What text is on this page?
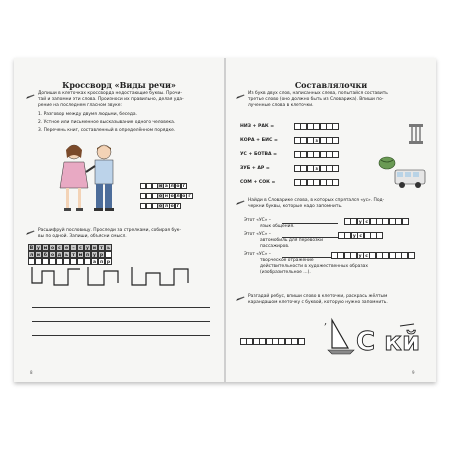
Кросcворд «Виды речи»
Допиши в клеточках кроссворда недостающие буквы. Прочи-
тай и запомни эти слова. Произноси их правильно, делая уда-
рение на последнем гласном звуке:
1. Разговор между двумя людьми, беседа.
2. Устное или письменное высказывание одного человека.
3. Перечень книг, составленный в определённом порядке.
и а л о г
о н о л о г
о л о г
Расшифруй пословицу. Проследи за стрелками, собирая бук-
вы по одной. Запиши, объясни смысл.
В у м о с е –	с у и т ь
л и б о д ь т м п у р
а п р
8
Составлялочки
Из букв двух слов, написанных слева, попытайся составить
третье слово (оно должно быть из Словарика). Впиши по-
лученные слова в клеточки.
НИЗ + РАК =
КОРА + БИС =	з
УС + БОТВА =
ЗУБ + АР =	з
СОМ + СОК =
Найди в Словарике слова, в которых спрятался «ус». Под-
черкни буквы, которые надо запомнить.
Этот «УС» –
язык общения.
Этот «УС» –
автомобиль для перевозки
пассажиров.
Этот «УС» –
творческое отражение
действительности в художественных образах
(изобразительное …).
у с
у с
у с
Разгадай ребус, впиши слово в клеточки, раскрась жёлтым
карандашом клеточку с буквой, которую нужно запомнить.
,
С к й
9
